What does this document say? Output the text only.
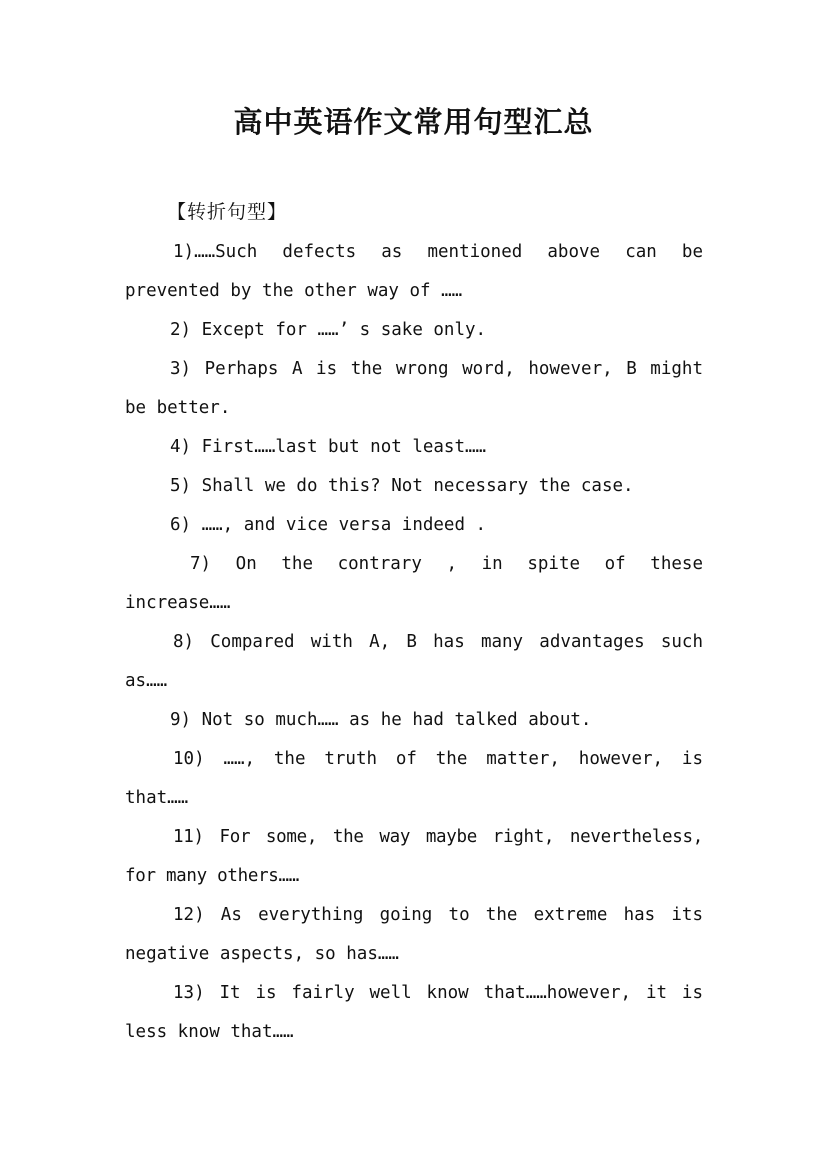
高中英语作文常用句型汇总

【转折句型】

1)……Such defects as mentioned above can be prevented by the other way of ……

2) Except for ……’ s sake only.

3) Perhaps A is the wrong word, however, B might be better.

4) First……last but not least……

5) Shall we do this? Not necessary the case.

6) ……, and vice versa indeed .

7) On the contrary , in spite of these increase……

8) Compared with A, B has many advantages such as……

9) Not so much…… as he had talked about.

10) ……, the truth of the matter, however, is that……

11) For some, the way maybe right, nevertheless, for many others……

12) As everything going to the extreme has its negative aspects, so has……

13) It is fairly well know that……however, it is less know that……
